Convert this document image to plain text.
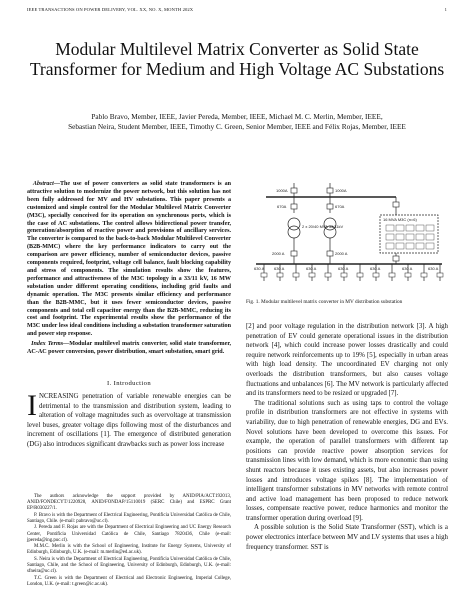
IEEE TRANSACTIONS ON POWER DELIVERY, VOL. XX, NO. X, MONTH 202X	1
Modular Multilevel Matrix Converter as Solid State Transformer for Medium and High Voltage AC Substations
Pablo Bravo, Member, IEEE, Javier Pereda, Member, IEEE, Michael M. C. Merlin, Member, IEEE,
Sebastian Neira, Student Member, IEEE, Timothy C. Green, Senior Member, IEEE and Félix Rojas, Member, IEEE
Abstract—The use of power converters as solid state transformers is an attractive solution to modernize the power network, but this solution has not been fully addressed for MV and HV substations. This paper presents a customized and simple control for the Modular Multilevel Matrix Converter (M3C), specially conceived for its operation on synchronous ports, which is the case of AC substations. The control allows bidirectional power transfer, generation/absorption of reactive power and provisions of ancillary services. The converter is compared to the back-to-back Modular Multilevel Converter (B2B-MMC) where the key performance indicators to carry out the comparison are power efficiency, number of semiconductor devices, passive components required, footprint, voltage cell balance, fault blocking capability and stress of components. The simulation results show the features, performance and attractiveness of the M3C topology in a 33/11 kV, 16 MW substation under different operating conditions, including grid faults and dynamic operation. The M3C presents similar efficiency and performance than the B2B-MMC, but it uses fewer semiconductor devices, passive components and total cell capacitor energy than the B2B-MMC, reducing its cost and footprint. The experimental results show the performance of the M3C under less ideal conditions including a substation transformer saturation and power step response.
Index Terms—Modular multilevel matrix converter, solid state transformer, AC-AC power conversion, power distribution, smart substation, smart grid.
I. Introduction
INCREASING penetration of variable renewable energies can be detrimental to the transmission and distribution system, leading to alteration of voltage magnitudes such as overvoltage at transmission level buses, greater voltage dips following most of the disturbances and increment of oscillations [1]. The emergence of distributed generation (DG) also introduces significant drawbacks such as power loss increase

The authors acknowledge the support provided by ANID/PIA/ACT192013, ANID/FONDECYT/1220928, ANID/FONDAP/15110019 (SERC Chile) and ESPRC Grant EP/R030227/1.

P. Bravo is with the Department of Electrical Engineering, Pontificia Universidad Católica de Chile, Santiago, Chile. (e-mail: pabravo@uc.cl).

J. Pereda and F. Rojas are with the Department of Electrical Engineering and UC Energy Research Center, Pontificia Universidad Católica de Chile, Santiago 7820436, Chile (e-mail: jpereda@ing.puc.cl).

M.M.C. Merlin is with the School of Engineering, Institute for Energy Systems, University of Edinburgh, Edinburgh, U.K. (e-mail: m.merlin@ed.ac.uk).

S. Neira is with the Department of Electrical Engineering, Pontificia Universidad Católica de Chile, Santiago, Chile, and the School of Engineering, University of Edinburgh, Edinburgh, U.K. (e-mail: sfneira@uc.cl).

T.C. Green is with the Department of Electrical and Electronic Engineering, Imperial College, London, U.K. (e-mail: t.green@ic.ac.uk).

1000A	1000A
670A	670A
2 x 20/40 MVA 33/11kV
16 MVA M3C (n=6)
2000 A	2000 A
630 A 630 A	630 A	630 A	630 A	630 A	630 A
Fig. 1. Modular multilevel matrix converter in MV distribution substation

[2] and poor voltage regulation in the distribution network [3]. A high penetration of EV could generate operational issues in the distribution network [4], which could increase power losses drastically and could require network reinforcements up to 19% [5], especially in urban areas with high load density. The uncoordinated EV charging not only overloads the distribution transformers, but also causes voltage fluctuations and unbalances [6]. The MV network is particularly affected and its transformers need to be resized or upgraded [7].

The traditional solutions such as using taps to control the voltage profile in distribution transformers are not effective in systems with variability, due to high penetration of renewable energies, DG and EVs. Novel solutions have been developed to overcome this issues. For example, the operation of parallel transformers with different tap positions can provide reactive power absorption services for transmission lines with low demand, which is more economic than using shunt reactors because it uses existing assets, but also increases power losses and introduces voltage spikes [8]. The implementation of intelligent transformer substations in MV networks with remote control and active load management has been proposed to reduce network losses, compensate reactive power, reduce harmonics and monitor the transformer operation during overload [9].

A possible solution is the Solid State Transformer (SST), which is a power electronics interface between MV and LV systems that uses a high frequency transformer. SST is
